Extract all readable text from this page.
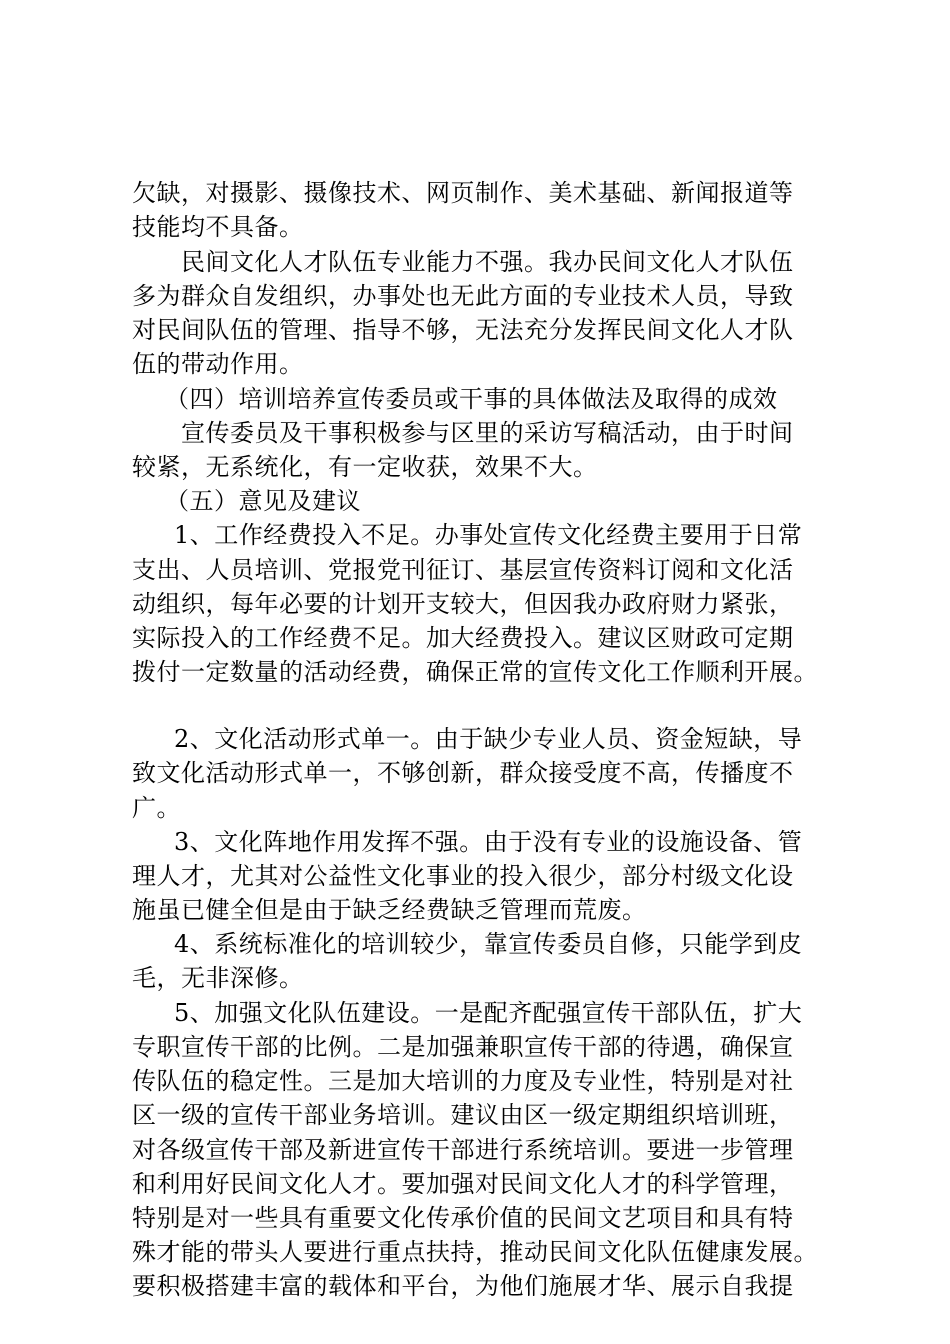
欠缺，对摄影、摄像技术、网页制作、美术基础、新闻报道等
技能均不具备。
民间文化人才队伍专业能力不强。我办民间文化人才队伍
多为群众自发组织，办事处也无此方面的专业技术人员，导致
对民间队伍的管理、指导不够，无法充分发挥民间文化人才队
伍的带动作用。
（四）培训培养宣传委员或干事的具体做法及取得的成效
宣传委员及干事积极参与区里的采访写稿活动，由于时间
较紧，无系统化，有一定收获，效果不大。
（五）意见及建议
1、工作经费投入不足。办事处宣传文化经费主要用于日常
支出、人员培训、党报党刊征订、基层宣传资料订阅和文化活
动组织，每年必要的计划开支较大，但因我办政府财力紧张，
实际投入的工作经费不足。加大经费投入。建议区财政可定期
拨付一定数量的活动经费，确保正常的宣传文化工作顺利开展。
2、文化活动形式单一。由于缺少专业人员、资金短缺，导
致文化活动形式单一，不够创新，群众接受度不高，传播度不
广。
3、文化阵地作用发挥不强。由于没有专业的设施设备、管
理人才，尤其对公益性文化事业的投入很少，部分村级文化设
施虽已健全但是由于缺乏经费缺乏管理而荒废。
4、系统标准化的培训较少，靠宣传委员自修，只能学到皮
毛，无非深修。
5、加强文化队伍建设。一是配齐配强宣传干部队伍，扩大
专职宣传干部的比例。二是加强兼职宣传干部的待遇，确保宣
传队伍的稳定性。三是加大培训的力度及专业性，特别是对社
区一级的宣传干部业务培训。建议由区一级定期组织培训班，
对各级宣传干部及新进宣传干部进行系统培训。要进一步管理
和利用好民间文化人才。要加强对民间文化人才的科学管理，
特别是对一些具有重要文化传承价值的民间文艺项目和具有特
殊才能的带头人要进行重点扶持，推动民间文化队伍健康发展。
要积极搭建丰富的载体和平台，为他们施展才华、展示自我提
